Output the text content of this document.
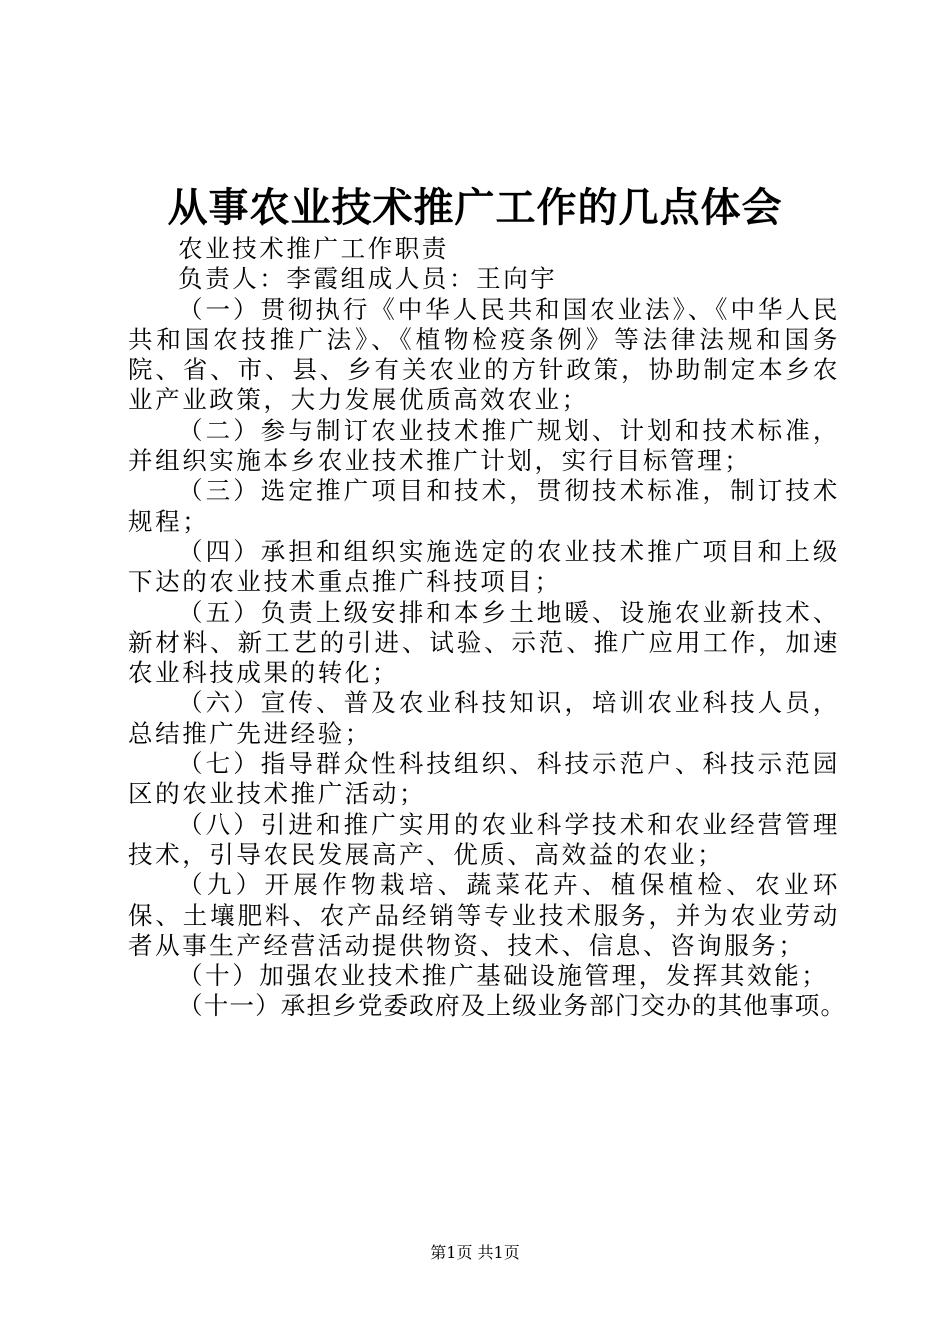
从事农业技术推广工作的几点体会

农业技术推广工作职责

负责人：李霞组成人员：王向宇

（一）贯彻执行《中华人民共和国农业法》、《中华人民共和国农技推广法》、《植物检疫条例》等法律法规和国务院、省、市、县、乡有关农业的方针政策，协助制定本乡农业产业政策，大力发展优质高效农业；

（二）参与制订农业技术推广规划、计划和技术标准，并组织实施本乡农业技术推广计划，实行目标管理；

（三）选定推广项目和技术，贯彻技术标准，制订技术规程；

（四）承担和组织实施选定的农业技术推广项目和上级下达的农业技术重点推广科技项目；

（五）负责上级安排和本乡土地暖、设施农业新技术、新材料、新工艺的引进、试验、示范、推广应用工作，加速农业科技成果的转化；

（六）宣传、普及农业科技知识，培训农业科技人员，总结推广先进经验；

（七）指导群众性科技组织、科技示范户、科技示范园区的农业技术推广活动；

（八）引进和推广实用的农业科学技术和农业经营管理技术，引导农民发展高产、优质、高效益的农业；

（九）开展作物栽培、蔬菜花卉、植保植检、农业环保、土壤肥料、农产品经销等专业技术服务，并为农业劳动者从事生产经营活动提供物资、技术、信息、咨询服务；

（十）加强农业技术推广基础设施管理，发挥其效能；

（十一）承担乡党委政府及上级业务部门交办的其他事项。

第1页 共1页
